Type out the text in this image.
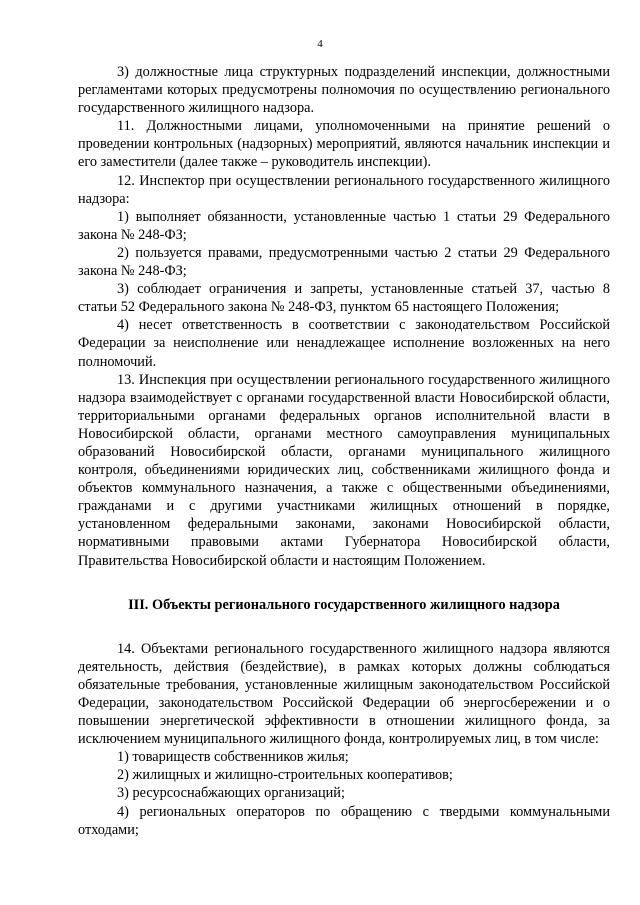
4

3) должностные лица структурных подразделений инспекции, должностными регламентами которых предусмотрены полномочия по осуществлению регионального государственного жилищного надзора.

11. Должностными лицами, уполномоченными на принятие решений о проведении контрольных (надзорных) мероприятий, являются начальник инспекции и его заместители (далее также – руководитель инспекции).

12. Инспектор при осуществлении регионального государственного жилищного надзора:

1) выполняет обязанности, установленные частью 1 статьи 29 Федерального закона № 248-ФЗ;

2) пользуется правами, предусмотренными частью 2 статьи 29 Федерального закона № 248-ФЗ;

3) соблюдает ограничения и запреты, установленные статьей 37, частью 8 статьи 52 Федерального закона № 248-ФЗ, пунктом 65 настоящего Положения;

4) несет ответственность в соответствии с законодательством Российской Федерации за неисполнение или ненадлежащее исполнение возложенных на него полномочий.

13. Инспекция при осуществлении регионального государственного жилищного надзора взаимодействует с органами государственной власти Новосибирской области, территориальными органами федеральных органов исполнительной власти в Новосибирской области, органами местного самоуправления муниципальных образований Новосибирской области, органами муниципального жилищного контроля, объединениями юридических лиц, собственниками жилищного фонда и объектов коммунального назначения, а также с общественными объединениями, гражданами и с другими участниками жилищных отношений в порядке, установленном федеральными законами, законами Новосибирской области, нормативными правовыми актами Губернатора Новосибирской области, Правительства Новосибирской области и настоящим Положением.

III. Объекты регионального государственного жилищного надзора

14. Объектами регионального государственного жилищного надзора являются деятельность, действия (бездействие), в рамках которых должны соблюдаться обязательные требования, установленные жилищным законодательством Российской Федерации, законодательством Российской Федерации об энергосбережении и о повышении энергетической эффективности в отношении жилищного фонда, за исключением муниципального жилищного фонда, контролируемых лиц, в том числе:

1) товариществ собственников жилья;

2) жилищных и жилищно-строительных кооперативов;

3) ресурсоснабжающих организаций;

4) региональных операторов по обращению с твердыми коммунальными отходами;
